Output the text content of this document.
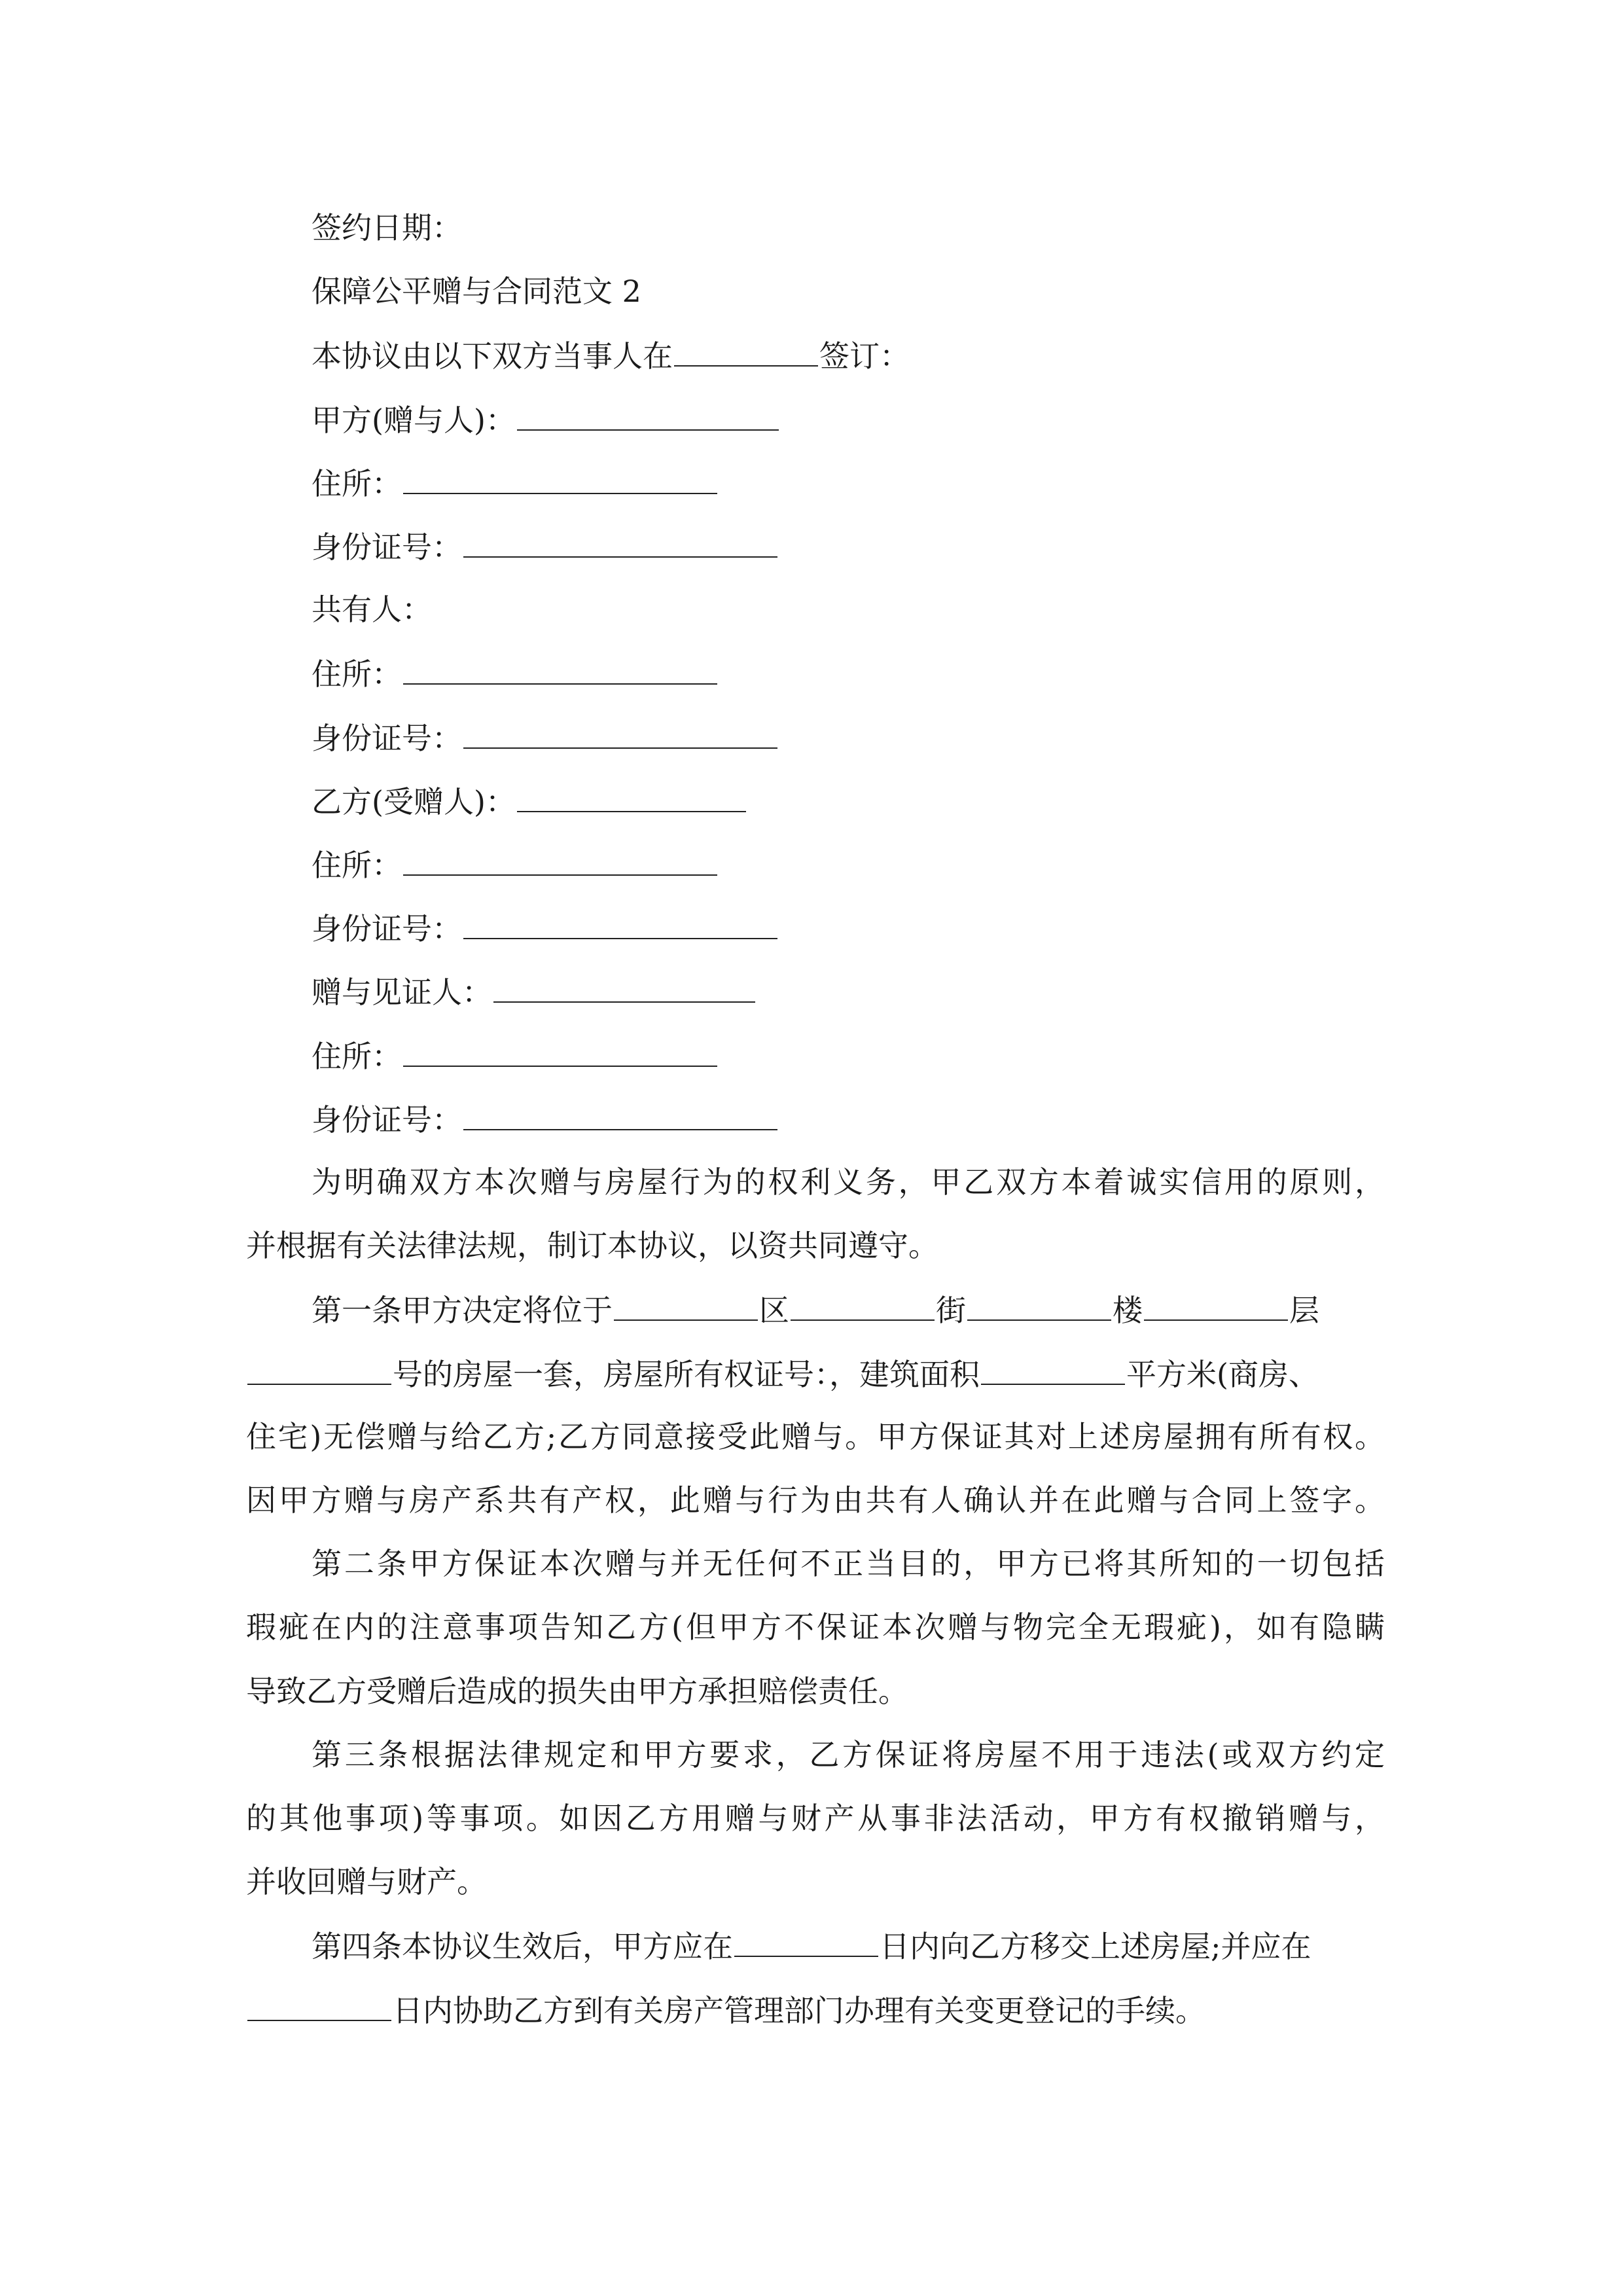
签约日期：
保障公平赠与合同范文 2
本协议由以下双方当事人在	签订：
甲方(赠与人)：
住所：
身份证号：
共有人：
住所：
身份证号：
乙方(受赠人)：
住所：
身份证号：
赠与见证人：
住所：
身份证号：
为明确双方本次赠与房屋行为的权利义务，甲乙双方本着诚实信用的原则，
并根据有关法律法规，制订本协议，以资共同遵守。
第一条甲方决定将位于	区	街	楼	层
号的房屋一套，房屋所有权证号：，建筑面积	平方米(商房、
住宅)无偿赠与给乙方;乙方同意接受此赠与。甲方保证其对上述房屋拥有所有权。
因甲方赠与房产系共有产权，此赠与行为由共有人确认并在此赠与合同上签字。
第二条甲方保证本次赠与并无任何不正当目的，甲方已将其所知的一切包括
瑕疵在内的注意事项告知乙方(但甲方不保证本次赠与物完全无瑕疵)，如有隐瞒
导致乙方受赠后造成的损失由甲方承担赔偿责任。
第三条根据法律规定和甲方要求，乙方保证将房屋不用于违法(或双方约定
的其他事项)等事项。如因乙方用赠与财产从事非法活动，甲方有权撤销赠与，
并收回赠与财产。
第四条本协议生效后，甲方应在	日内向乙方移交上述房屋;并应在
日内协助乙方到有关房产管理部门办理有关变更登记的手续。
